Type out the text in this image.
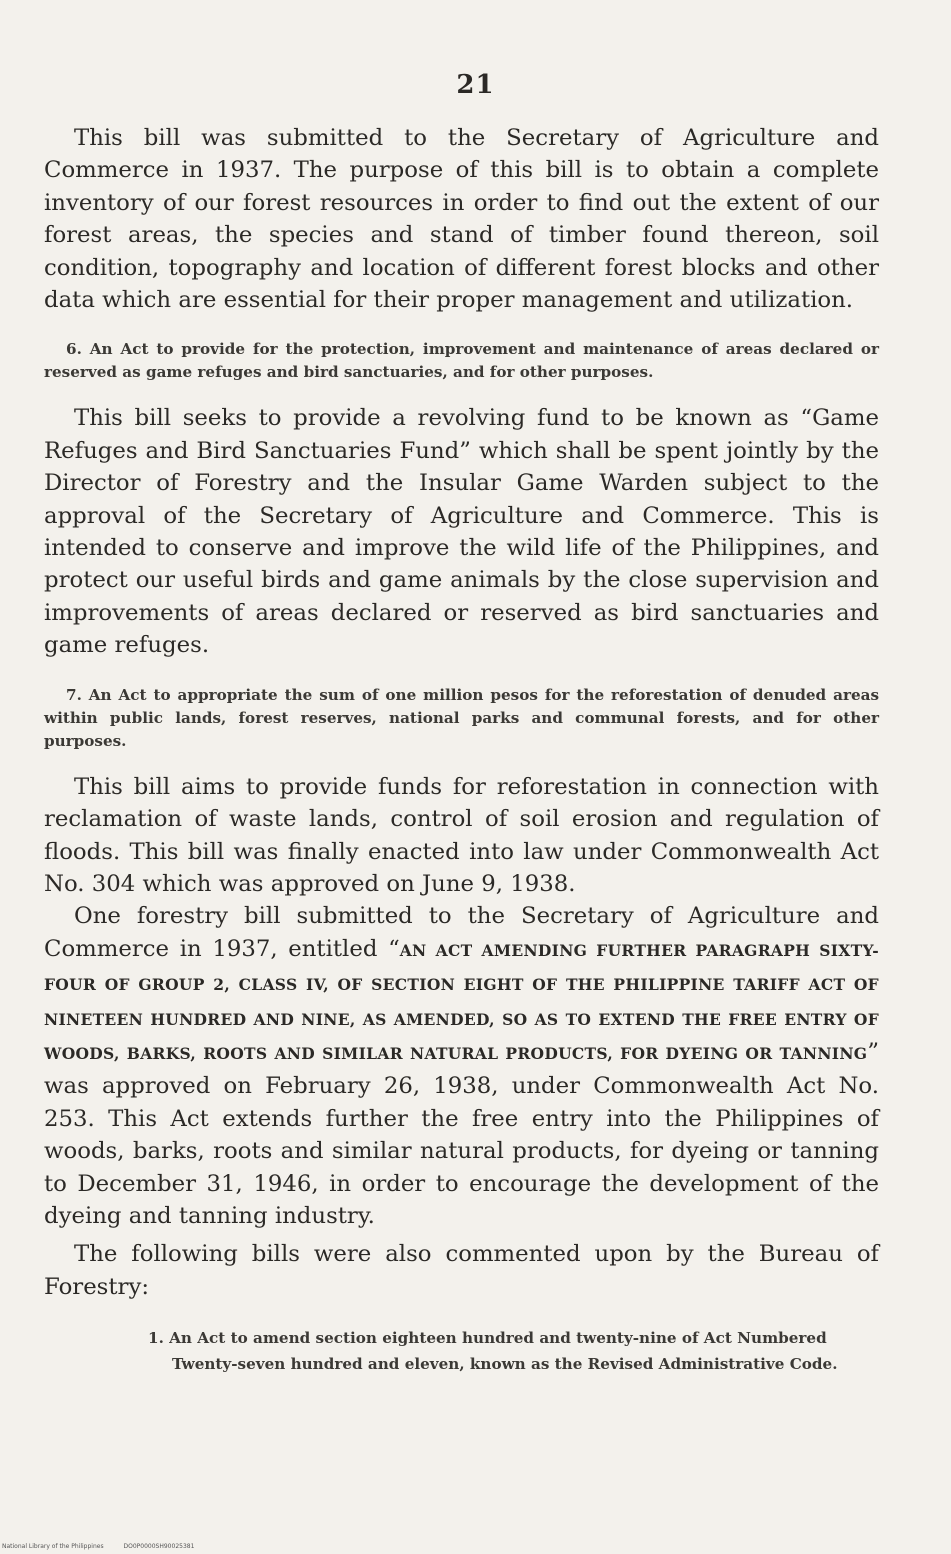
21

This bill was submitted to the Secretary of Agriculture and Commerce in 1937. The purpose of this bill is to obtain a complete inventory of our forest resources in order to find out the extent of our forest areas, the species and stand of timber found thereon, soil condition, topography and location of different forest blocks and other data which are essential for their proper management and utilization.

6. An Act to provide for the protection, improvement and maintenance of areas declared or reserved as game refuges and bird sanctuaries, and for other purposes.

This bill seeks to provide a revolving fund to be known as “Game Refuges and Bird Sanctuaries Fund” which shall be spent jointly by the Director of Forestry and the Insular Game Warden subject to the approval of the Secretary of Agriculture and Commerce. This is intended to conserve and improve the wild life of the Philippines, and protect our useful birds and game animals by the close supervision and improvements of areas declared or reserved as bird sanctuaries and game refuges.

7. An Act to appropriate the sum of one million pesos for the reforestation of denuded areas within public lands, forest reserves, national parks and communal forests, and for other purposes.

This bill aims to provide funds for reforestation in connection with reclamation of waste lands, control of soil erosion and regulation of floods. This bill was finally enacted into law under Commonwealth Act No. 304 which was approved on June 9, 1938.

One forestry bill submitted to the Secretary of Agriculture and Commerce in 1937, entitled “AN ACT AMENDING FURTHER PARAGRAPH SIXTY-FOUR OF GROUP 2, CLASS IV, OF SECTION EIGHT OF THE PHILIPPINE TARIFF ACT OF NINETEEN HUNDRED AND NINE, AS AMENDED, SO AS TO EXTEND THE FREE ENTRY OF WOODS, BARKS, ROOTS AND SIMILAR NATURAL PRODUCTS, FOR DYEING OR TANNING” was approved on February 26, 1938, under Commonwealth Act No. 253. This Act extends further the free entry into the Philippines of woods, barks, roots and similar natural products, for dyeing or tanning to December 31, 1946, in order to encourage the development of the dyeing and tanning industry.

The following bills were also commented upon by the Bureau of Forestry:

1. An Act to amend section eighteen hundred and twenty-nine of Act Numbered Twenty-seven hundred and eleven, known as the Revised Administrative Code.

National Library of the Philippines	DO0P0000SH90025381
